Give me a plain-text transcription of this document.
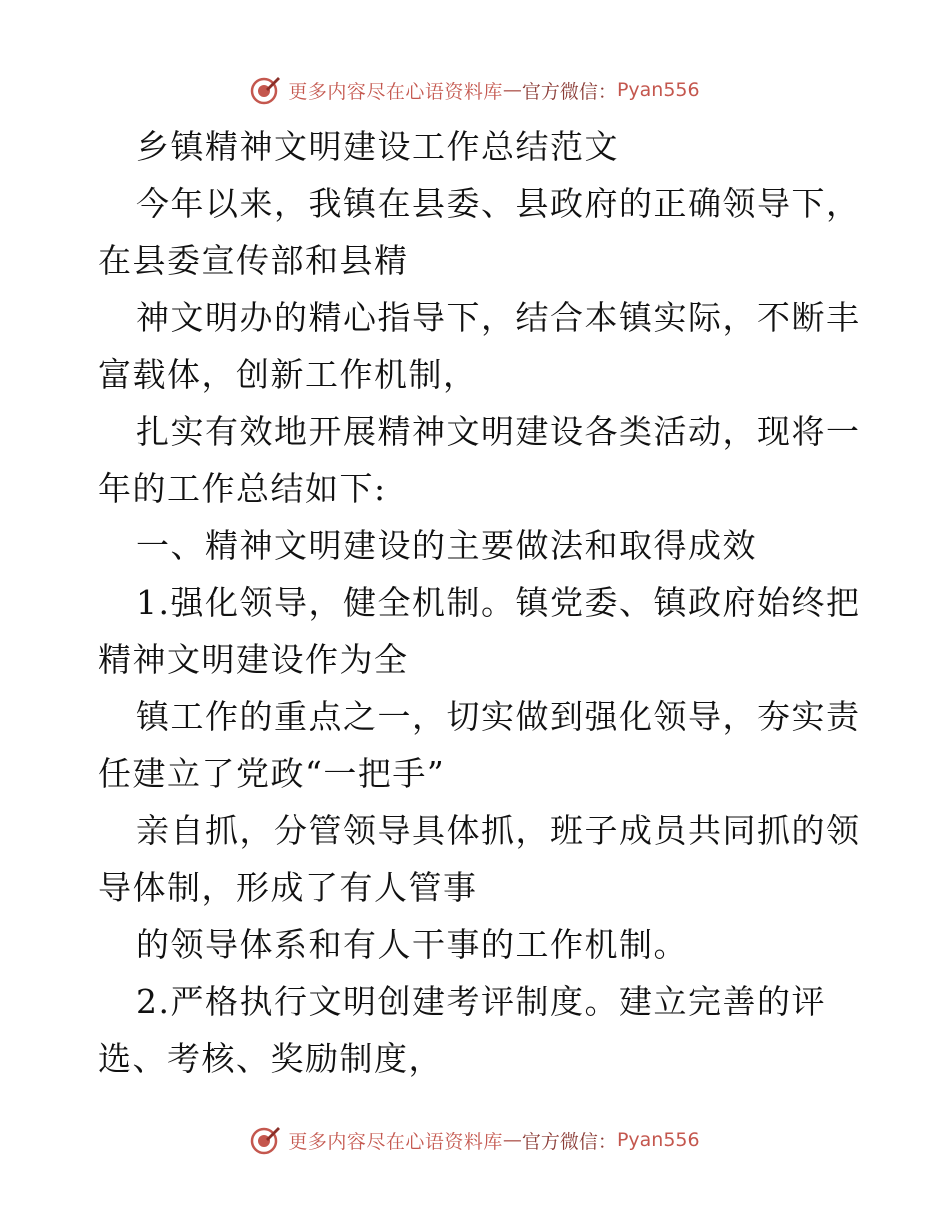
更多内容尽在心语资料库 — 官方微信： Pyan556
乡镇精神文明建设工作总结范文
今年以来，我镇在县委、县政府的正确领导下，
在县委宣传部和县精
神文明办的精心指导下，结合本镇实际，不断丰
富载体，创新工作机制，
扎实有效地开展精神文明建设各类活动，现将一
年的工作总结如下:
一、精神文明建设的主要做法和取得成效
1.强化领导，健全机制。镇党委、镇政府始终把
精神文明建设作为全
镇工作的重点之一，切实做到强化领导，夯实责
任建立了党政“一把手”
亲自抓，分管领导具体抓，班子成员共同抓的领
导体制，形成了有人管事
的领导体系和有人干事的工作机制。
2.严格执行文明创建考评制度。建立完善的评
选、考核、奖励制度，
更多内容尽在心语资料库 — 官方微信： Pyan556
